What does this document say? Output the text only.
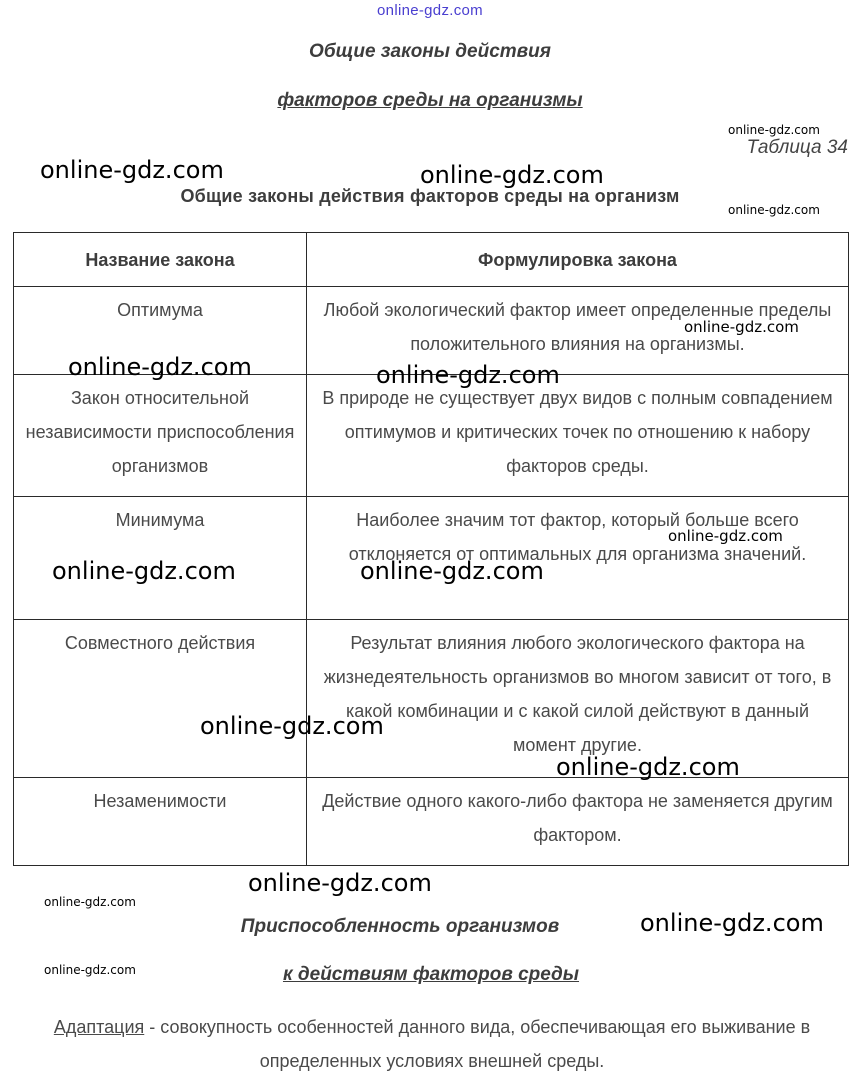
online-gdz.com
Общие законы действия
факторов среды на организмы
Таблица 34
Общие законы действия факторов среды на организм
Название закона	Формулировка закона
Оптимума	Любой экологический фактор имеет определенные пределы положительного влияния на организмы.
Закон относительной независимости приспособления организмов	В природе не существует двух видов с полным совпадением оптимумов и критических точек по отношению к набору факторов среды.
Минимума	Наиболее значим тот фактор, который больше всего отклоняется от оптимальных для организма значений.
Совместного действия	Результат влияния любого экологического фактора на жизнедеятельность организмов во многом зависит от того, в какой комбинации и с какой силой действуют в данный момент другие.
Незаменимости	Действие одного какого-либо фактора не заменяется другим фактором.
Приспособленность организмов
к действиям факторов среды
Адаптация - совокупность особенностей данного вида, обеспечивающая его выживание в определенных условиях внешней среды.
online-gdz.com	online-gdz.com
online-gdz.com
online-gdz.com
online-gdz.com
online-gdz.com	online-gdz.com
online-gdz.com
online-gdz.com	online-gdz.com
online-gdz.com
online-gdz.com
online-gdz.com
online-gdz.com
online-gdz.com
online-gdz.com
